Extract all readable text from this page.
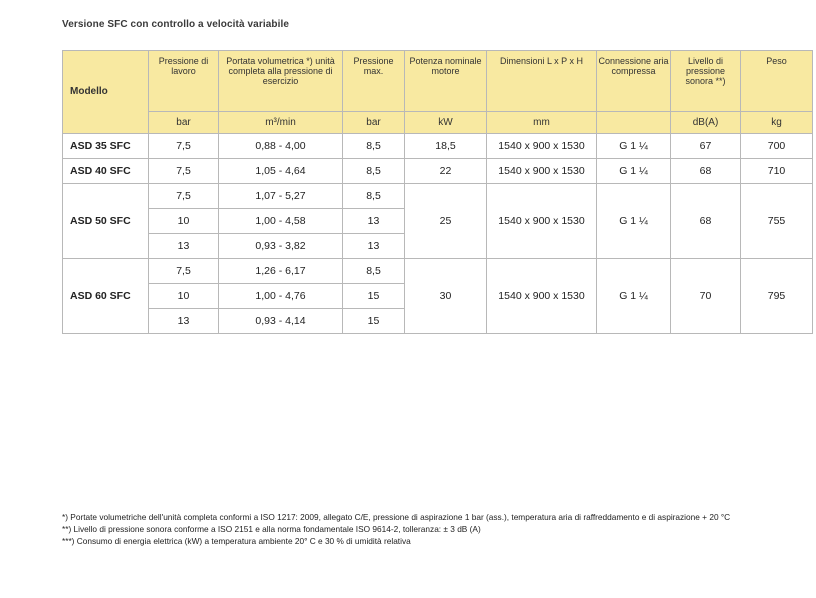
Versione SFC con controllo a velocità variabile
Modello	Pressione di lavoro	Portata volumetrica *) unità completa alla pressione di esercizio	Pressione max.	Potenza nominale motore	Dimensioni L x P x H	Connessione aria compressa	Livello di pressione sonora **)	Peso
	bar	m³/min	bar	kW	mm		dB(A)	kg
ASD 35 SFC	7,5	0,88 - 4,00	8,5	18,5	1540 x 900 x 1530	G 1 ¼	67	700
ASD 40 SFC	7,5	1,05 - 4,64	8,5	22	1540 x 900 x 1530	G 1 ¼	68	710
ASD 50 SFC	7,5	1,07 - 5,27	8,5	25	1540 x 900 x 1530	G 1 ¼	68	755
	10	1,00 - 4,58	13					
	13	0,93 - 3,82	13					
ASD 60 SFC	7,5	1,26 - 6,17	8,5	30	1540 x 900 x 1530	G 1 ¼	70	795
	10	1,00 - 4,76	15					
	13	0,93 - 4,14	15					
*) Portate volumetriche dell'unità completa conformi a ISO 1217: 2009, allegato C/E, pressione di aspirazione 1 bar (ass.), temperatura aria di raffreddamento e di aspirazione + 20 °C
**) Livello di pressione sonora conforme a ISO 2151 e alla norma fondamentale ISO 9614-2, tolleranza: ± 3 dB (A)
***) Consumo di energia elettrica (kW) a temperatura ambiente 20° C e 30 % di umidità relativa
